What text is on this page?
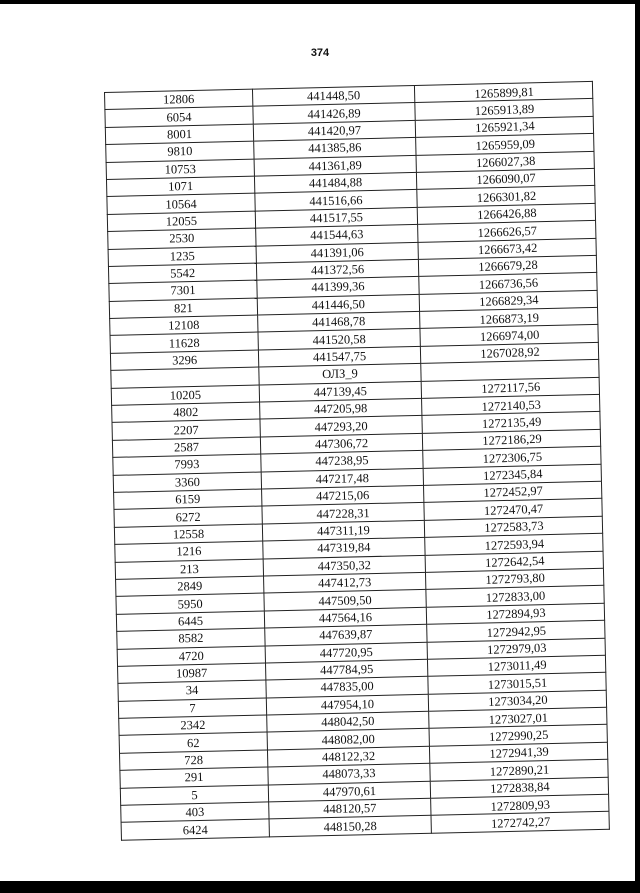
374
12806	441448,50	1265899,81
6054	441426,89	1265913,89
8001	441420,97	1265921,34
9810	441385,86	1265959,09
10753	441361,89	1266027,38
1071	441484,88	1266090,07
10564	441516,66	1266301,82
12055	441517,55	1266426,88
2530	441544,63	1266626,57
1235	441391,06	1266673,42
5542	441372,56	1266679,28
7301	441399,36	1266736,56
821	441446,50	1266829,34
12108	441468,78	1266873,19
11628	441520,58	1266974,00
3296	441547,75	1267028,92
	ОЛЗ_9	
10205	447139,45	1272117,56
4802	447205,98	1272140,53
2207	447293,20	1272135,49
2587	447306,72	1272186,29
7993	447238,95	1272306,75
3360	447217,48	1272345,84
6159	447215,06	1272452,97
6272	447228,31	1272470,47
12558	447311,19	1272583,73
1216	447319,84	1272593,94
213	447350,32	1272642,54
2849	447412,73	1272793,80
5950	447509,50	1272833,00
6445	447564,16	1272894,93
8582	447639,87	1272942,95
4720	447720,95	1272979,03
10987	447784,95	1273011,49
34	447835,00	1273015,51
7	447954,10	1273034,20
2342	448042,50	1273027,01
62	448082,00	1272990,25
728	448122,32	1272941,39
291	448073,33	1272890,21
5	447970,61	1272838,84
403	448120,57	1272809,93
6424	448150,28	1272742,27
